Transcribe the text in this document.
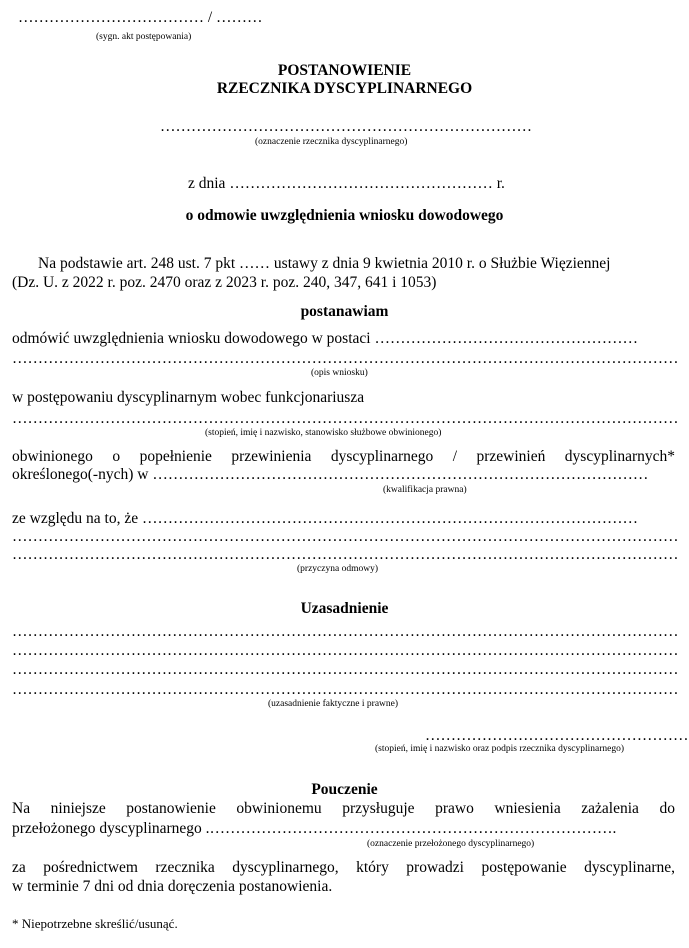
……………………………… / ………
(sygn. akt postępowania)
POSTANOWIENIE
RZECZNIKA DYSCYPLINARNEGO
………………………………………………………………
(oznaczenie rzecznika dyscyplinarnego)
z dnia …………………………………………… r.
o odmowie uwzględnienia wniosku dowodowego
Na podstawie art. 248 ust. 7 pkt …… ustawy z dnia 9 kwietnia 2010 r. o Służbie Więziennej
(Dz. U. z 2022 r. poz. 2470 oraz z 2023 r. poz. 240, 347, 641 i 1053)
postanawiam
odmówić uwzględnienia wniosku dowodowego w postaci ……………………………………………
…………………………………………………………………………………………………………………
(opis wniosku)
w postępowaniu dyscyplinarnym wobec funkcjonariusza
…………………………………………………………………………………………………………………
(stopień, imię i nazwisko, stanowisko służbowe obwinionego)
obwinionego o popełnienie przewinienia dyscyplinarnego / przewinień dyscyplinarnych*
określonego(-nych) w ……………………………………………………………………………………
(kwalifikacja prawna)
ze względu na to, że ……………………………………………………………………………………
…………………………………………………………………………………………………………………
…………………………………………………………………………………………………………………
(przyczyna odmowy)
Uzasadnienie
…………………………………………………………………………………………………………………
…………………………………………………………………………………………………………………
…………………………………………………………………………………………………………………
…………………………………………………………………………………………………………………
(uzasadnienie faktyczne i prawne)
……………………………………………
(stopień, imię i nazwisko oraz podpis rzecznika dyscyplinarnego)
Pouczenie
Na niniejsze postanowienie obwinionemu przysługuje prawo wniesienia zażalenia do
przełożonego dyscyplinarnego .…………………………………………………………………….
(oznaczenie przełożonego dyscyplinarnego)
za pośrednictwem rzecznika dyscyplinarnego, który prowadzi postępowanie dyscyplinarne,
w terminie 7 dni od dnia doręczenia postanowienia.
* Niepotrzebne skreślić/usunąć.
